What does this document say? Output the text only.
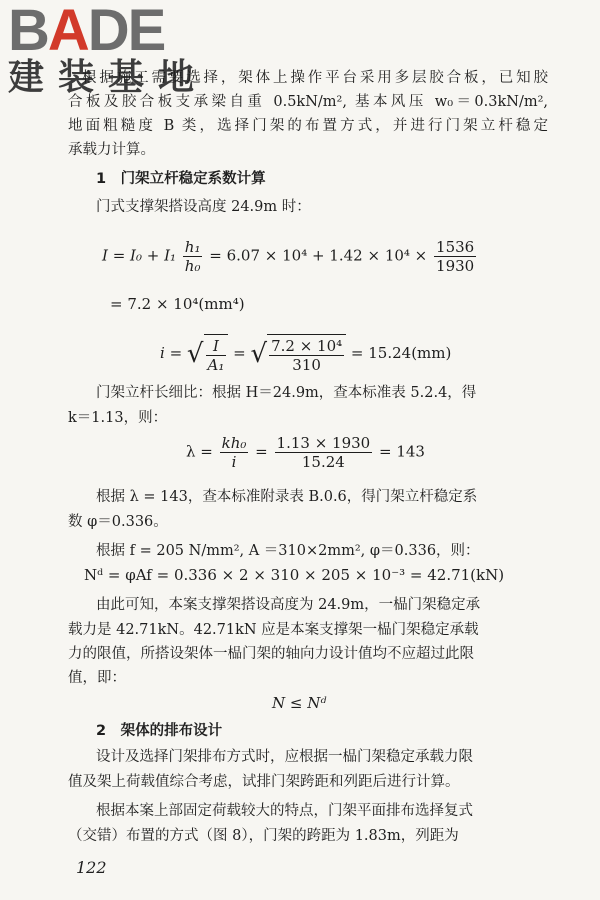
BADE
建装基地

根据施工需要选择，架体上操作平台采用多层胶合板，已知胶

合板及胶合板支承梁自重 0.5kN/m², 基本风压 w₀＝0.3kN/m²,

地面粗糙度 B 类，选择门架的布置方式，并进行门架立杆稳定

承载力计算。

1　门架立杆稳定系数计算

门式支撑架搭设高度 24.9m 时：

$I = I_0 + I_1 \frac{\text{h₁}}{\text{h₀}} = 6.07 \times 10^4 + 1.42 \times 10^4 \times \frac{1536}{1930}$
= 7.2 × 10⁴(mm⁴)
i = √ $\frac{I}{\text{A₁}}$ = √ $\frac{\text{7.2 × 10⁴}}{310} = 15.24(mm)$

门架立杆长细比：根据 H＝24.9m，查本标准表 5.2.4，得

k＝1.13，则：

$\lambda = \frac{\text{kh₀}}{i} = \frac{1.13 \times 1930}{15.24} = 143$

根据 λ = 143，查本标准附录表 B.0.6，得门架立杆稳定系

数 φ＝0.336。

根据 f = 205 N/mm², A ＝310×2mm², φ＝0.336，则：

Nᵈ = φAf = 0.336 × 2 × 310 × 205 × 10⁻³ = 42.71(kN)

由此可知，本案支撑架搭设高度为 24.9m，一榀门架稳定承

载力是 42.71kN。42.71kN 应是本案支撑架一榀门架稳定承载

力的限值，所搭设架体一榀门架的轴向力设计值均不应超过此限

值，即：

N ≤ Nᵈ

2　架体的排布设计

设计及选择门架排布方式时，应根据一榀门架稳定承载力限

值及架上荷载值综合考虑，试排门架跨距和列距后进行计算。

根据本案上部固定荷载较大的特点，门架平面排布选择复式

（交错）布置的方式（图 8），门架的跨距为 1.83m，列距为

122
